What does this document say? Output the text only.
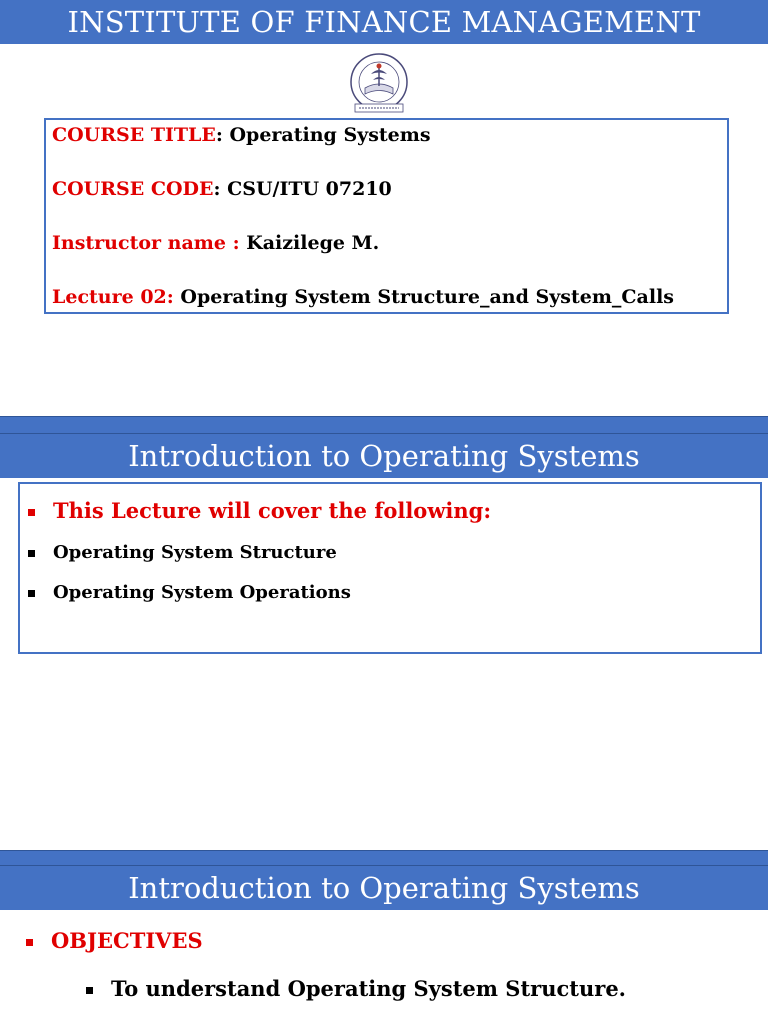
INSTITUTE OF FINANCE MANAGEMENT
COURSE TITLE: Operating Systems
COURSE CODE: CSU/ITU 07210
Instructor name : Kaizilege M.
Lecture 02: Operating System Structure_and System_Calls
Introduction to Operating Systems
This Lecture will cover the following:
Operating System Structure
Operating System Operations
Introduction to Operating Systems
OBJECTIVES
To understand Operating System Structure.
